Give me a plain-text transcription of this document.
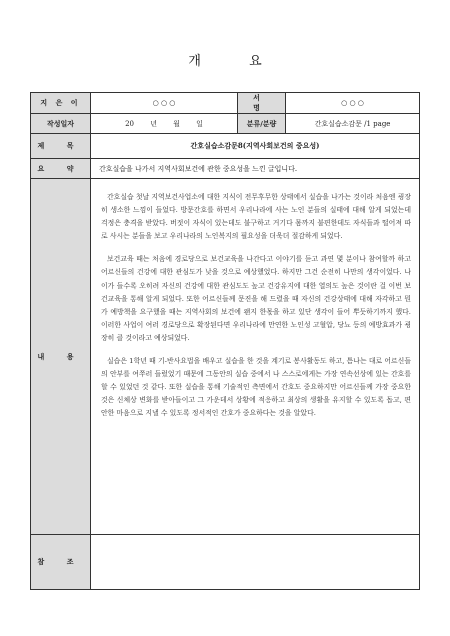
개 요
지 은 이	○ ○ ○	서 명	○ ○ ○
작성일자	20 년 월 일	분류/분량	간호실습소감문 /1 page
제 목	간호실습소감문8(지역사회보건의 중요성)		
요 약	간호실습을 나가서 지역사회보건에 관한 중요성을 느낀 글입니다.		
내 용	간호실습 첫날 지역보건사업소에 대한 지식이 전무후무한 상태에서 실습을 나가는 것이라 처음엔 굉장히 생소한 느낌이 들었다. 방문간호를 하면서 우리나라에 사는 노인 분들의 실태에 대해 알게 되었는데 걱정은 충격을 받았다. 버젓이 자식이 있는데도 불구하고 거기다 몸까지 불편한데도 자식들과 떨어져 따로 사시는 분들을 보고 우리나라의 노인복지의 필요성을 더욱더 절감하게 되었다.

보건교육 때는 처음에 경로당으로 보건교육을 나간다고 이야기를 듣고 과연 몇 분이나 참여할까 하고 어르신들의 건강에 대한 관심도가 낮을 것으로 예상했었다. 하지만 그건 순전히 나만의 생각이었다. 나이가 들수록 오히려 자신의 건강에 대한 관심도도 높고 건강유지에 대한 열의도 높은 것이란 걸 이번 보건교육을 통해 알게 되었다. 또한 어르신들께 문진을 해 드렸을 때 자신의 건강상태에 대해 자각하고 뭔가 예방책을 요구했을 때는 지역사회의 보건에 왠지 한몫을 하고 있단 생각이 들어 뿌듯하기까지 했다. 이러한 사업이 여러 경로당으로 확장된다면 우리나라에 만연한 노인성 고혈압, 당뇨 등의 예방효과가 굉장히 클 것이라고 예상되었다.

실습은 1학년 때 기-반사요법을 배우고 실습을 한 것을 계기로 봉사활동도 하고, 틈나는 대로 어르신들의 안부를 여쭈러 들렀었기 때문에 그동안의 실습 중에서 나 스스로에게는 가장 연속선상에 있는 간호를 할 수 있었던 것 같다. 또한 실습을 통해 기술적인 측면에서 간호도 중요하지만 어르신들께 가장 중요한 것은 신체상 변화를 받아들이고 그 가운데서 상황에 적응하고 최상의 생활을 유지할 수 있도록 돕고, 편안한 마음으로 지낼 수 있도록 정서적인 간호가 중요하다는 것을 알았다.		

참 조			
